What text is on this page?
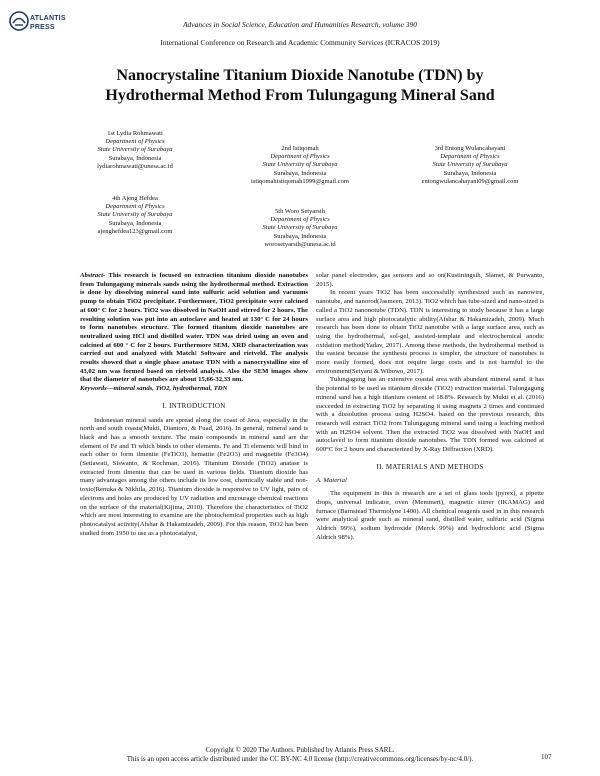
ATLANTIS
PRESS	Advances in Social Science, Education and Humanities Research, volume 390
International Conference on Research and Academic Community Services (ICRACOS 2019)
Nanocrystaline Titanium Dioxide Nanotube (TDN) by
Hydrothermal Method From Tulungagung Mineral Sand
1st Lydia Rohmawati
Department of Physics
State University of Surabaya
Surabaya, Indonesia
lydiarohmawati@unesa.ac.id
2nd Istiqomah
Department of Physics
State University of Surabaya
Surabaya, Indonesia
istiqomahistiqomah1999@gmail.com
3rd Entong Wulancahayani
Department of Physics
State University of Surabaya
Surabaya, Indonesia
entongwulancahayani09@gmail.com
4th Ajeng Hefdea
Department of Physics
State University of Surabaya
Surabaya, Indonesia
ajenghefdea123@gmail.com
5th Woro Setyarsih
Department of Physics
State University of Surabaya
Surabaya, Indonesia
worosetyarsih@unesa.ac.id
Abstract- This research is focused on extraction titanium dioxide nanotubes from Tulungagung minerals sands using the hydrothermal method. Extraction is done by dissolving mineral sand into sulfuric acid solution and vacuums pump to obtain TiO2 precipitate. Furthermore, TiO2 precipitate were calcined at 600° C for 2 hours. TiO2 was dissolved in NaOH and stirred for 2 hours. The resulting solution was put into an autoclave and heated at 130° C for 24 hours to form nanotubes structure. The formed titanium dioxide nanotubes are neutralized using HCl and distilled water. TDN was dried using an oven and calcined at 600 ° C for 2 hours. Furthermore SEM, XRD characterization was carried out and analyzed with Match! Software and rietveld. The analysis results showed that a single phase anatase TDN with a nanocrystalline size of 43,02 nm was formed based on rietveld analysis. Also the SEM images show that the diameter of nanotubes are about 15,66-32,33 nm.
Keywords—mineral sands, TiO2, hydrothermal, TDN
I. INTRODUCTION

Indonesian mineral sands are spread along the coast of Java, especially in the north and south coasts(Mukti, Diantoro, & Fuad, 2016). In general, mineral sand is black and has a smooth texture. The main compounds in mineral sand are the element of Fe and Ti which binds to other elements. Fe and Ti elements will bind to each other to form ilmenite (FeTiO3), hematite (Fe2O3) and magnetite (Fe3O4)(Setiawati, Siswanto, & Rochman, 2016). Titanium Dioxide (TiO2) anatase is extracted from ilmenite that can be used in various fields. Titanium dioxide has many advantages among the others include its low cost, chemically stable and non-toxic(Renuka & Nikhila, 2016). Titanium dioxide is responsive to UV light, pairs of electrons and holes are produced by UV radiation and encourage chemical reactions on the surface of the material(Kijima, 2010). Therefore the characteristics of TiO2 which are most interesting to examine are the photochemical properties such as high photocatalyst activity(Afshar & Hakamizadeh, 2009). For this reason, TiO2 has been studied from 1950 to use as a photocatalyst,

solar panel electrodes, gas sensors and so on(Kustiningsih, Slamet, & Purwanto, 2015).

In recent years TiO2 has been successfully synthesized such as nanowire, nanotube, and nanorod(Jasmeen, 2013). TiO2 which has tube-sized and nano-sized is called a TiO2 nanonotube (TDN). TDN is interesting to study because it has a large surface area and high photocatalytic ability(Afshar & Hakamizadeh, 2009). Much research has been done to obtain TiO2 nanotube with a large surface area, such as using the hydrothermal, sol-gel, assisted-template and electrochemical anodic oxidation method(Yadav, 2017). Among these methods, the hydrothermal method is the easiest because the synthesis process is simpler, the structure of nanotubes is more easily formed, does not require large costs and is not harmful to the environment(Setyani & Wibowo, 2017).

Tulungagung has an extensive coastal area with abundant mineral sand. it has the potential to be used as titanium dioxide (TiO2) extraction material. Tulungagung mineral sand has a high titanium content of 18.8%. Research by Mukti et al. (2016) succeeded in extracting TiO2 by separating it using magnets 2 times and continued with a dissolution process using H2SO4. based on the previous research, this research will extract TiO2 from Tulungagung mineral sand using a leaching method with an H2SO4 solvent. Then the extracted TiO2 was dissolved with NaOH and autoclaved to form titanium dioxide nanotubes. The TDN formed was calcined at 600°C for 2 hours and characterized by X-Ray Diffraction (XRD).

II. MATERIALS AND METHODS
A. Material

The equipment in this is research are a set of glass tools (pyrex), a pipette drops, universal indicator, oven (Memmert), magnetic stirrer (IKAMAG) and furnace (Barnstead Thermolyne 1400). All chemical reagents used in in this research were analytical grade such as mineral sand, distilled water, sulfuric acid (Sigma Aldrich 99%), sodium hydroxide (Merck 99%) and hydrochloric acid (Sigma Aldrich 98%).

Copyright © 2020 The Authors. Published by Atlantis Press SARL.
This is an open access article distributed under the CC BY-NC 4.0 license (http://creativecommons.org/licenses/by-nc/4.0/).	107
